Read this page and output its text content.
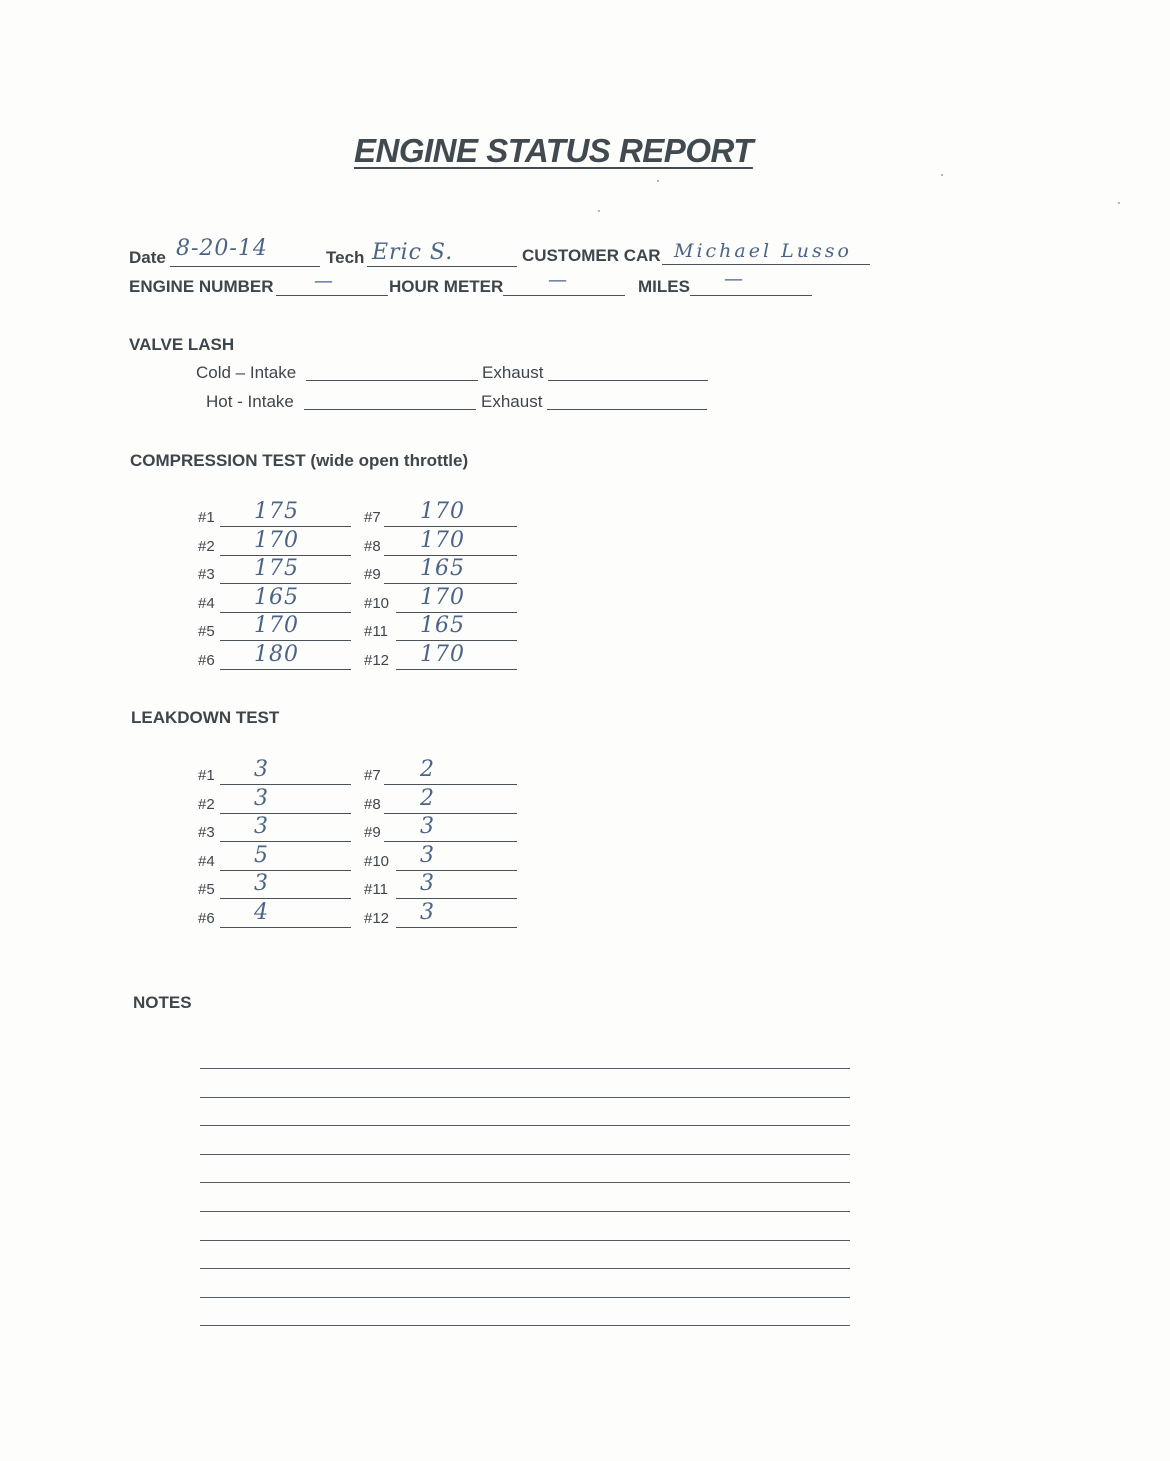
ENGINE STATUS REPORT
Date 8-20-14	Tech Eric S.	CUSTOMER CAR Michael Lusso
ENGINE NUMBER —	HOUR METER —	MILES —
VALVE LASH
Cold – Intake	Exhaust
Hot - Intake	Exhaust
COMPRESSION TEST (wide open throttle)
#1 175
#2 170
#3 175
#4 165
#5 170
#6 180
#7 170
#8 170
#9 165
#10 170
#11 165
#12 170
LEAKDOWN TEST
#1 3
#2 3
#3 3
#4 5
#5 3
#6 4
#7 2
#8 2
#9 3
#10 3
#11 3
#12 3
NOTES
